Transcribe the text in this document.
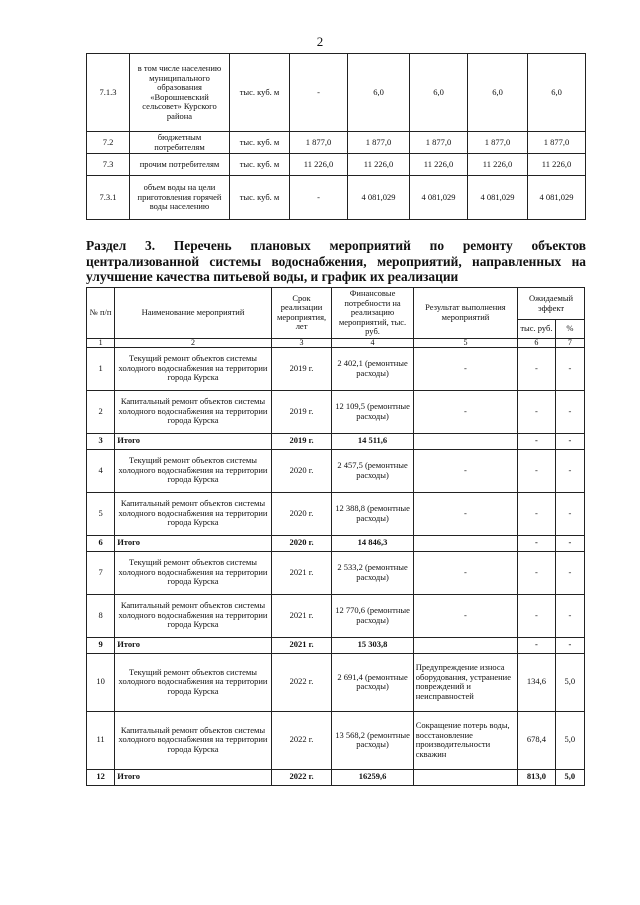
2
7.1.3	в том числе населению муниципального образования «Ворошневский сельсовет» Курского района	тыс. куб. м	-	6,0	6,0	6,0	6,0
7.2	бюджетным потребителям	тыс. куб. м	1 877,0	1 877,0	1 877,0	1 877,0	1 877,0
7.3	прочим потребителям	тыс. куб. м	11 226,0	11 226,0	11 226,0	11 226,0	11 226,0
7.3.1	объем воды на цели приготовления горячей воды населению	тыс. куб. м	-	4 081,029	4 081,029	4 081,029	4 081,029
Раздел 3. Перечень плановых мероприятий по ремонту объектов централизованной системы водоснабжения, мероприятий, направленных на улучшение качества питьевой воды, и график их реализации
№ п/п	Наименование мероприятий	Срок реализации мероприятия, лет	Финансовые потребности на реализацию мероприятий, тыс. руб.	Результат выполнения мероприятий	Ожидаемый эффект	
					тыс. руб.	%
1	2	3	4	5	6	7
1	Текущий ремонт объектов системы холодного водоснабжения на территории города Курска	2019 г.	2 402,1 (ремонтные расходы)	-	-	-
2	Капитальный ремонт объектов системы холодного водоснабжения на территории города Курска	2019 г.	12 109,5 (ремонтные расходы)	-	-	-
3	Итого	2019 г.	14 511,6		-	-
4	Текущий ремонт объектов системы холодного водоснабжения на территории города Курска	2020 г.	2 457,5 (ремонтные расходы)	-	-	-
5	Капитальный ремонт объектов системы холодного водоснабжения на территории города Курска	2020 г.	12 388,8 (ремонтные расходы)	-	-	-
6	Итого	2020 г.	14 846,3		-	-
7	Текущий ремонт объектов системы холодного водоснабжения на территории города Курска	2021 г.	2 533,2 (ремонтные расходы)	-	-	-
8	Капитальный ремонт объектов системы холодного водоснабжения на территории города Курска	2021 г.	12 770,6 (ремонтные расходы)	-	-	-
9	Итого	2021 г.	15 303,8		-	-
10	Текущий ремонт объектов системы холодного водоснабжения на территории города Курска	2022 г.	2 691,4 (ремонтные расходы)	Предупреждение износа оборудования, устранение повреждений и неисправностей	134,6	5,0
11	Капитальный ремонт объектов системы холодного водоснабжения на территории города Курска	2022 г.	13 568,2 (ремонтные расходы)	Сокращение потерь воды, восстановление производительности скважин	678,4	5,0
12	Итого	2022 г.	16259,6		813,0	5,0
